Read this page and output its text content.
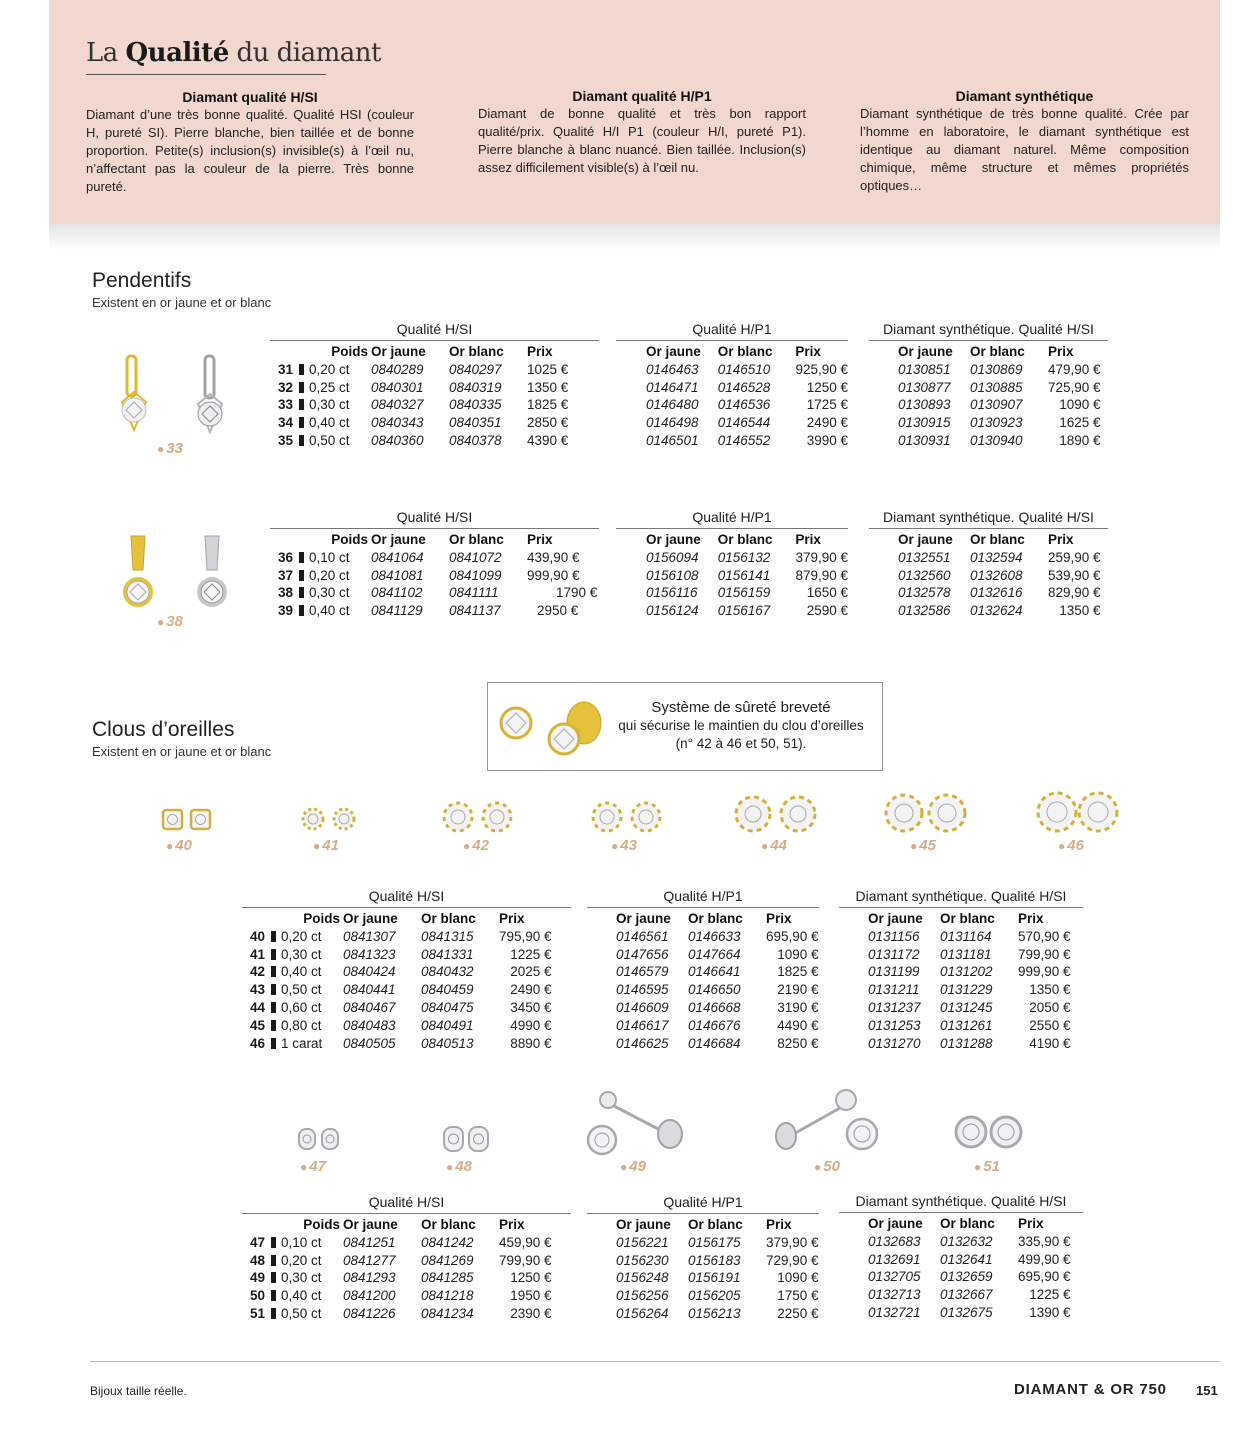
La Qualité du diamant
Diamant qualité H/SI

Diamant d’une très bonne qualité. Qualité HSI (couleur H, pureté SI). Pierre blanche, bien taillée et de bonne proportion. Petite(s) inclusion(s) invisible(s) à l’œil nu, n’affectant pas la couleur de la pierre. Très bonne pureté.

Diamant qualité H/P1

Diamant de bonne qualité et très bon rapport qualité/prix. Qualité H/I P1 (couleur H/I, pureté P1). Pierre blanche à blanc nuancé. Bien taillée. Inclusion(s) assez difficilement visible(s) à l’œil nu.

Diamant synthétique

Diamant synthétique de très bonne qualité. Crée par l’homme en laboratoire, le diamant synthétique est identique au diamant naturel. Même composition chimique, même structure et mêmes propriétés optiques…

Pendentifs
Existent en or jaune et or blanc
● 33
Qualité H/SI
Poids			Or jaune	Or blanc	Prix
31		0,20 ct	0840289	0840297	1025 €
32		0,25 ct	0840301	0840319	1350 €
33		0,30 ct	0840327	0840335	1825 €
34		0,40 ct	0840343	0840351	2850 €
35		0,50 ct	0840360	0840378	4390 €
Qualité H/P1
Or jaune	Or blanc	Prix
0146463	0146510	925,90 €
0146471	0146528	1250 €
0146480	0146536	1725 €
0146498	0146544	2490 €
0146501	0146552	3990 €
Diamant synthétique. Qualité H/SI
Or jaune	Or blanc	Prix
0130851	0130869	479,90 €
0130877	0130885	725,90 €
0130893	0130907	1090 €
0130915	0130923	1625 €
0130931	0130940	1890 €
● 38
Qualité H/SI
Poids			Or jaune	Or blanc	Prix
36		0,10 ct	0841064	0841072	439,90 €
37		0,20 ct	0841081	0841099	999,90 €
38		0,30 ct	0841102	0841111	1790 €
39		0,40 ct	0841129	0841137	2950 €
Qualité H/P1
Or jaune	Or blanc	Prix
0156094	0156132	379,90 €
0156108	0156141	879,90 €
0156116	0156159	1650 €
0156124	0156167	2590 €
Diamant synthétique. Qualité H/SI
Or jaune	Or blanc	Prix
0132551	0132594	259,90 €
0132560	0132608	539,90 €
0132578	0132616	829,90 €
0132586	0132624	1350 €
Clous d’oreilles
Existent en or jaune et or blanc
Système de sûreté breveté
qui sécurise le maintien du clou d’oreilles
(n° 42 à 46 et 50, 51).
● 40	● 41	● 42	● 43	● 44	● 45	● 46
Qualité H/SI
Poids			Or jaune	Or blanc	Prix
40		0,20 ct	0841307	0841315	795,90 €
41		0,30 ct	0841323	0841331	1225 €
42		0,40 ct	0840424	0840432	2025 €
43		0,50 ct	0840441	0840459	2490 €
44		0,60 ct	0840467	0840475	3450 €
45		0,80 ct	0840483	0840491	4990 €
46		1 carat	0840505	0840513	8890 €
Qualité H/P1
Or jaune	Or blanc	Prix
0146561	0146633	695,90 €
0147656	0147664	1090 €
0146579	0146641	1825 €
0146595	0146650	2190 €
0146609	0146668	3190 €
0146617	0146676	4490 €
0146625	0146684	8250 €
Diamant synthétique. Qualité H/SI
Or jaune	Or blanc	Prix
0131156	0131164	570,90 €
0131172	0131181	799,90 €
0131199	0131202	999,90 €
0131211	0131229	1350 €
0131237	0131245	2050 €
0131253	0131261	2550 €
0131270	0131288	4190 €
● 47	● 48	● 49	● 50	● 51
Qualité H/SI
Poids			Or jaune	Or blanc	Prix
47		0,10 ct	0841251	0841242	459,90 €
48		0,20 ct	0841277	0841269	799,90 €
49		0,30 ct	0841293	0841285	1250 €
50		0,40 ct	0841200	0841218	1950 €
51		0,50 ct	0841226	0841234	2390 €
Qualité H/P1
Or jaune	Or blanc	Prix
0156221	0156175	379,90 €
0156230	0156183	729,90 €
0156248	0156191	1090 €
0156256	0156205	1750 €
0156264	0156213	2250 €
Diamant synthétique. Qualité H/SI
Or jaune	Or blanc	Prix
0132683	0132632	335,90 €
0132691	0132641	499,90 €
0132705	0132659	695,90 €
0132713	0132667	1225 €
0132721	0132675	1390 €
Bijoux taille réelle.	DIAMANT & OR 750 151
